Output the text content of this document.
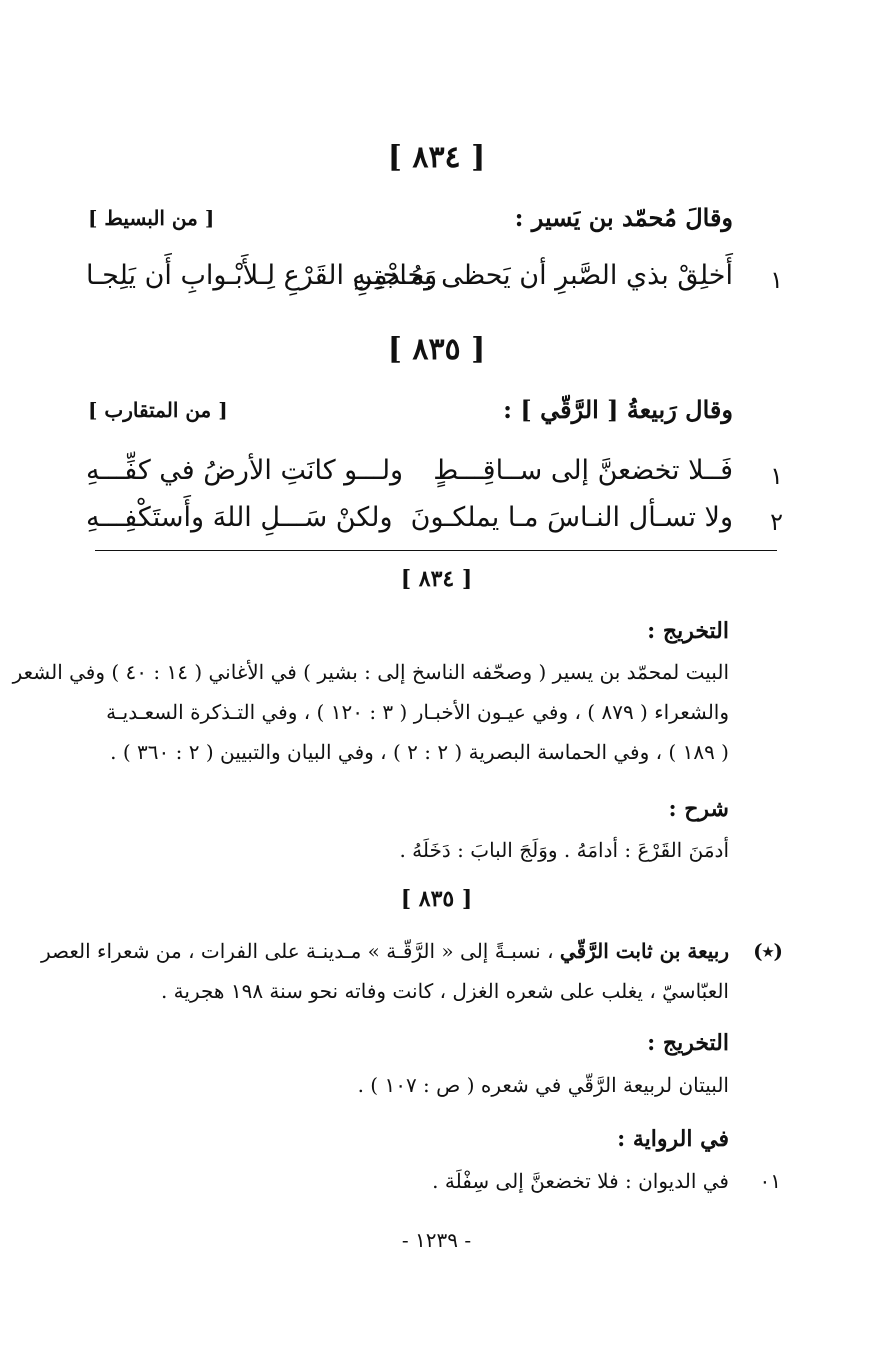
[ ٨٣٤ ]
وقالَ مُحمّد بن يَسير :
[ من البسيط ]
١
أَخلِقْ بذي الصَّبرِ أن يَحظى بحاجتِـهِ
وَمُـدْمِنِ القَرْعِ لِـلأَبْـوابِ أَن يَلِجـا
[ ٨٣٥ ]
وقال رَبيعةُ [ الرَّقّي ] :
[ من المتقارب ]
١
فَــلا تخضعنَّ إلى ســاقِـــطٍ
ولـــو كانَتِ الأرضُ في كفِّـــهِ
٢
ولا تسـأل النـاسَ مـا يملكـونَ
ولكنْ سَـــلِ اللهَ وأَستَكْفِـــهِ
[ ٨٣٤ ]
التخريج :
البيت لمحمّد بن يسير ( وصحّفه الناسخ إلى : بشير ) في الأغاني ( ١٤ : ٤٠ ) وفي الشعر
والشعراء ( ٨٧٩ ) ، وفي عيـون الأخبـار ( ٣ : ١٢٠ ) ، وفي التـذكرة السعـديـة
( ١٨٩ ) ، وفي الحماسة البصرية ( ٢ : ٢ ) ، وفي البيان والتبيين ( ٢ : ٣٦٠ ) .
شرح :
أدمَنَ القَرْعَ : أدامَهُ . ووَلَجَ البابَ : دَخَلَهُ .
[ ٨٣٥ ]
(٭)
ربيعة بن ثابت الرَّقّي ، نسبـةً إلى « الرَّقّـة » مـدينـة على الفرات ، من شعراء العصر
العبّاسيّ ، يغلب على شعره الغزل ، كانت وفاته نحو سنة ١٩٨ هجرية .
التخريج :
البيتان لربيعة الرَّقّي في شعره ( ص : ١٠٧ ) .
في الرواية :
٠١
في الديوان : فلا تخضعنَّ إلى سِفْلَة .
- ١٢٣٩ -
